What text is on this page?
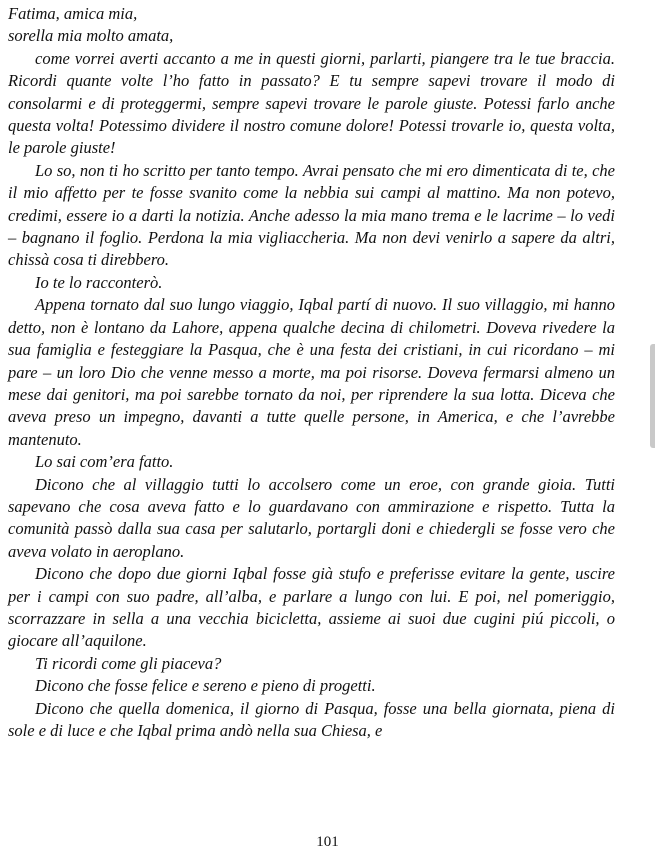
Fatima, amica mia,

sorella mia molto amata,

come vorrei averti accanto a me in questi giorni, parlarti, piangere tra le tue braccia. Ricordi quante volte l’ho fatto in passato? E tu sempre sapevi trovare il modo di consolarmi e di proteggermi, sempre sapevi trovare le parole giuste. Potessi farlo anche questa volta! Potessimo dividere il nostro comune dolore! Potessi trovarle io, questa volta, le parole giuste!

Lo so, non ti ho scritto per tanto tempo. Avrai pensato che mi ero dimenticata di te, che il mio affetto per te fosse svanito come la nebbia sui campi al mattino. Ma non potevo, credimi, essere io a darti la notizia. Anche adesso la mia mano trema e le lacrime – lo vedi – bagnano il foglio. Perdona la mia vigliaccheria. Ma non devi venirlo a sapere da altri, chissà cosa ti direbbero.

Io te lo racconterò.

Appena tornato dal suo lungo viaggio, Iqbal partí di nuovo. Il suo villaggio, mi hanno detto, non è lontano da Lahore, appena qualche decina di chilometri. Doveva rivedere la sua famiglia e festeggiare la Pasqua, che è una festa dei cristiani, in cui ricordano – mi pare – un loro Dio che venne messo a morte, ma poi risorse. Doveva fermarsi almeno un mese dai genitori, ma poi sarebbe tornato da noi, per riprendere la sua lotta. Diceva che aveva preso un impegno, davanti a tutte quelle persone, in America, e che l’avrebbe mantenuto.

Lo sai com’era fatto.

Dicono che al villaggio tutti lo accolsero come un eroe, con grande gioia. Tutti sapevano che cosa aveva fatto e lo guardavano con ammirazione e rispetto. Tutta la comunità passò dalla sua casa per salutarlo, portargli doni e chiedergli se fosse vero che aveva volato in aeroplano.

Dicono che dopo due giorni Iqbal fosse già stufo e preferisse evitare la gente, uscire per i campi con suo padre, all’alba, e parlare a lungo con lui. E poi, nel pomeriggio, scorrazzare in sella a una vecchia bicicletta, assieme ai suoi due cugini piú piccoli, o giocare all’aquilone.

Ti ricordi come gli piaceva?

Dicono che fosse felice e sereno e pieno di progetti.

Dicono che quella domenica, il giorno di Pasqua, fosse una bella giornata, piena di sole e di luce e che Iqbal prima andò nella sua Chiesa, e

101
